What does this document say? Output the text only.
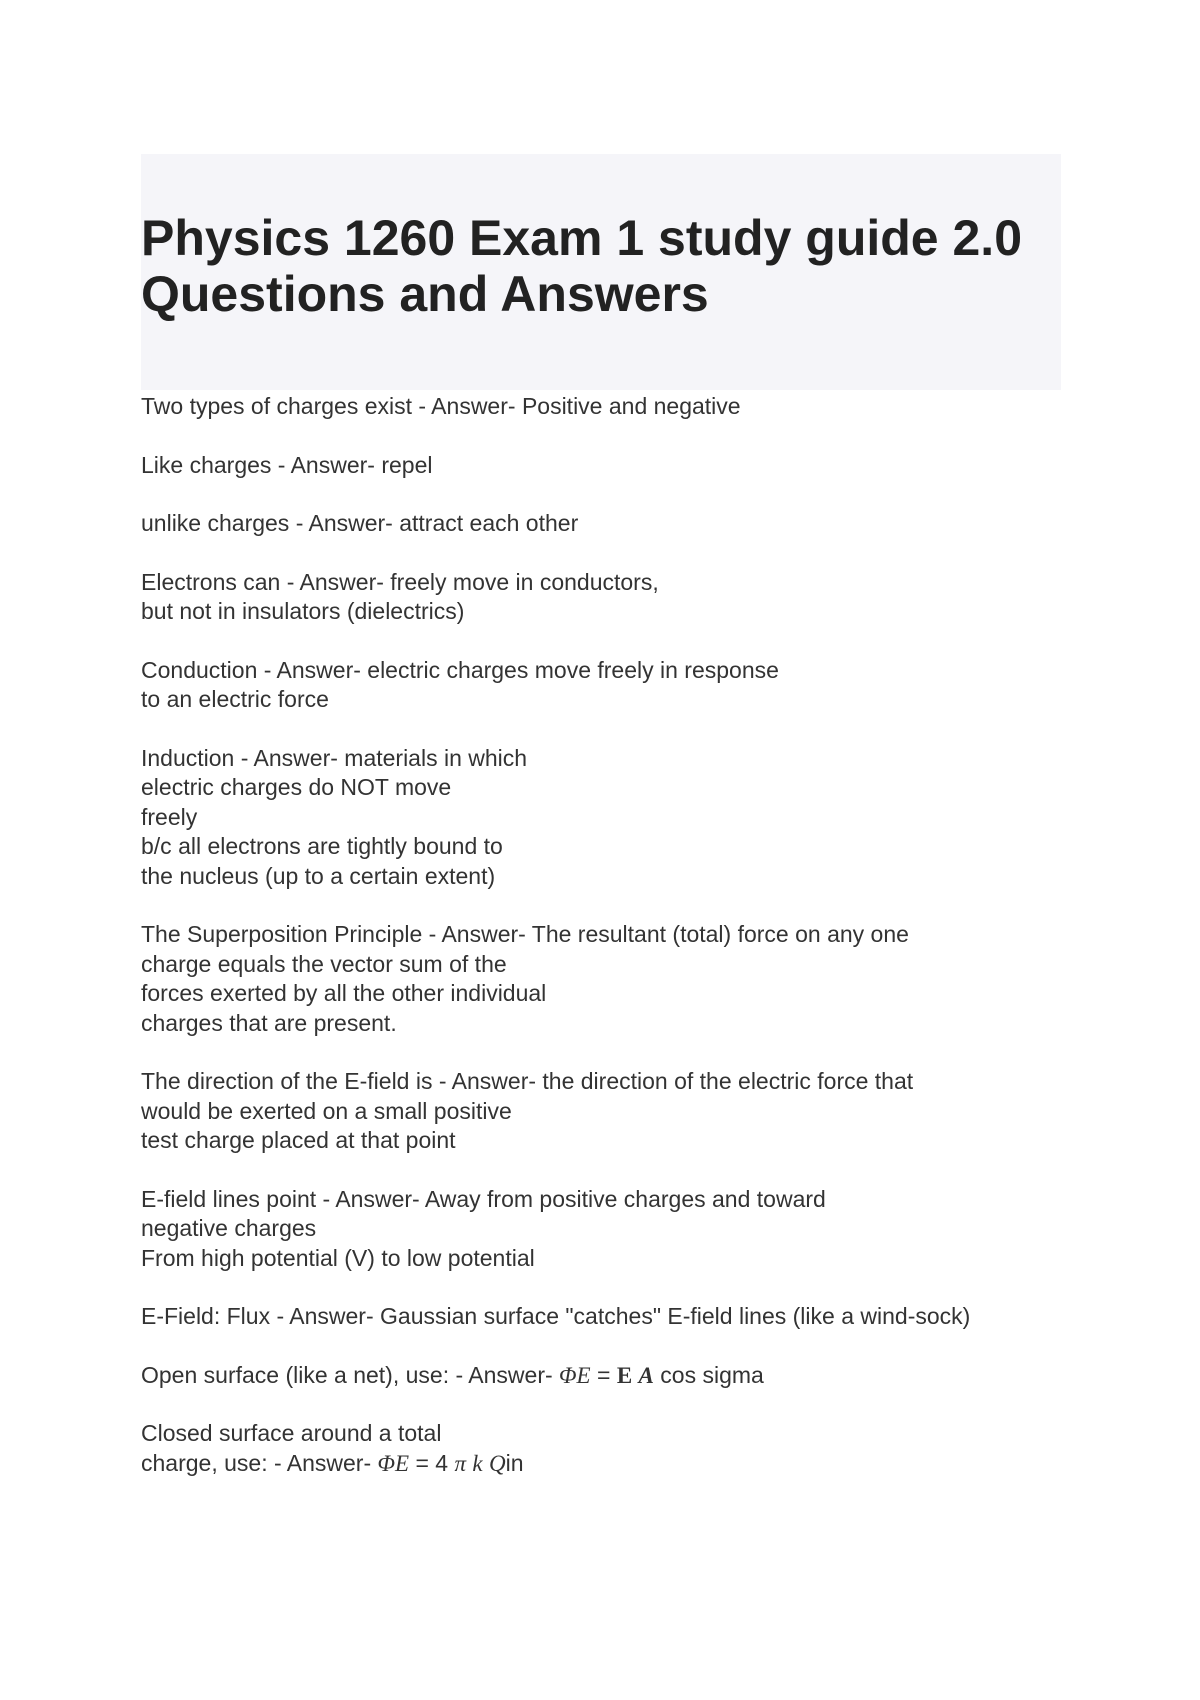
Physics 1260 Exam 1 study guide 2.0
Questions and Answers
Two types of charges exist - Answer- Positive and negative
Like charges - Answer- repel
unlike charges - Answer- attract each other
Electrons can - Answer- freely move in conductors,
but not in insulators (dielectrics)
Conduction - Answer- electric charges move freely in response
to an electric force
Induction - Answer- materials in which
electric charges do NOT move
freely
b/c all electrons are tightly bound to
the nucleus (up to a certain extent)
The Superposition Principle - Answer- The resultant (total) force on any one
charge equals the vector sum of the
forces exerted by all the other individual
charges that are present.
The direction of the E-field is - Answer- the direction of the electric force that
would be exerted on a small positive
test charge placed at that point
E-field lines point - Answer- Away from positive charges and toward
negative charges
From high potential (V) to low potential
E-Field: Flux - Answer- Gaussian surface "catches" E-field lines (like a wind-sock)
Open surface (like a net), use: - Answer- ΦE = E A cos sigma
Closed surface around a total
charge, use: - Answer- ΦE = 4 π k Qin
